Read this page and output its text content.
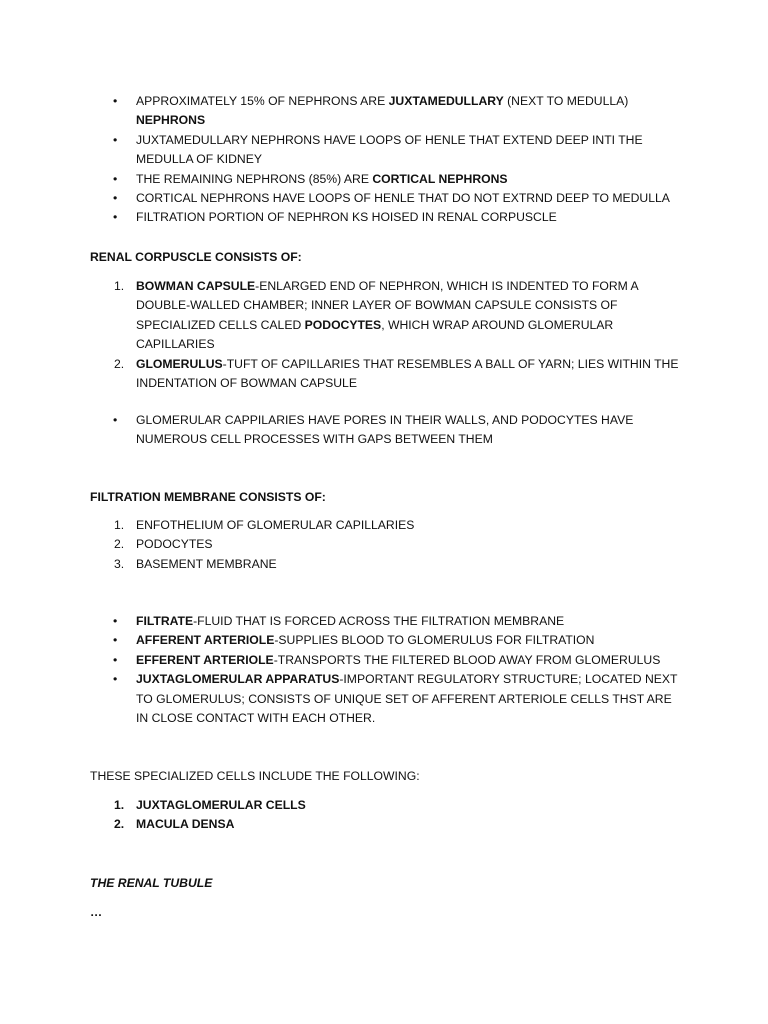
• APPROXIMATELY 15% OF NEPHRONS ARE JUXTAMEDULLARY (NEXT TO MEDULLA) NEPHRONS
• JUXTAMEDULLARY NEPHRONS HAVE LOOPS OF HENLE THAT EXTEND DEEP INTI THE MEDULLA OF KIDNEY
• THE REMAINING NEPHRONS (85%) ARE CORTICAL NEPHRONS
• CORTICAL NEPHRONS HAVE LOOPS OF HENLE THAT DO NOT EXTRND DEEP TO MEDULLA
• FILTRATION PORTION OF NEPHRON KS HOISED IN RENAL CORPUSCLE
RENAL CORPUSCLE CONSISTS OF:
1. BOWMAN CAPSULE-ENLARGED END OF NEPHRON, WHICH IS INDENTED TO FORM A DOUBLE-WALLED CHAMBER; INNER LAYER OF BOWMAN CAPSULE CONSISTS OF SPECIALIZED CELLS CALED PODOCYTES, WHICH WRAP AROUND GLOMERULAR CAPILLARIES
2. GLOMERULUS-TUFT OF CAPILLARIES THAT RESEMBLES A BALL OF YARN; LIES WITHIN THE INDENTATION OF BOWMAN CAPSULE
• GLOMERULAR CAPPILARIES HAVE PORES IN THEIR WALLS, AND PODOCYTES HAVE NUMEROUS CELL PROCESSES WITH GAPS BETWEEN THEM
FILTRATION MEMBRANE CONSISTS OF:
1. ENFOTHELIUM OF GLOMERULAR CAPILLARIES
2. PODOCYTES
3. BASEMENT MEMBRANE
• FILTRATE-FLUID THAT IS FORCED ACROSS THE FILTRATION MEMBRANE
• AFFERENT ARTERIOLE-SUPPLIES BLOOD TO GLOMERULUS FOR FILTRATION
• EFFERENT ARTERIOLE-TRANSPORTS THE FILTERED BLOOD AWAY FROM GLOMERULUS
• JUXTAGLOMERULAR APPARATUS-IMPORTANT REGULATORY STRUCTURE; LOCATED NEXT TO GLOMERULUS; CONSISTS OF UNIQUE SET OF AFFERENT ARTERIOLE CELLS THST ARE IN CLOSE CONTACT WITH EACH OTHER.
THESE SPECIALIZED CELLS INCLUDE THE FOLLOWING:
1. JUXTAGLOMERULAR CELLS
2. MACULA DENSA
THE RENAL TUBULE
…
